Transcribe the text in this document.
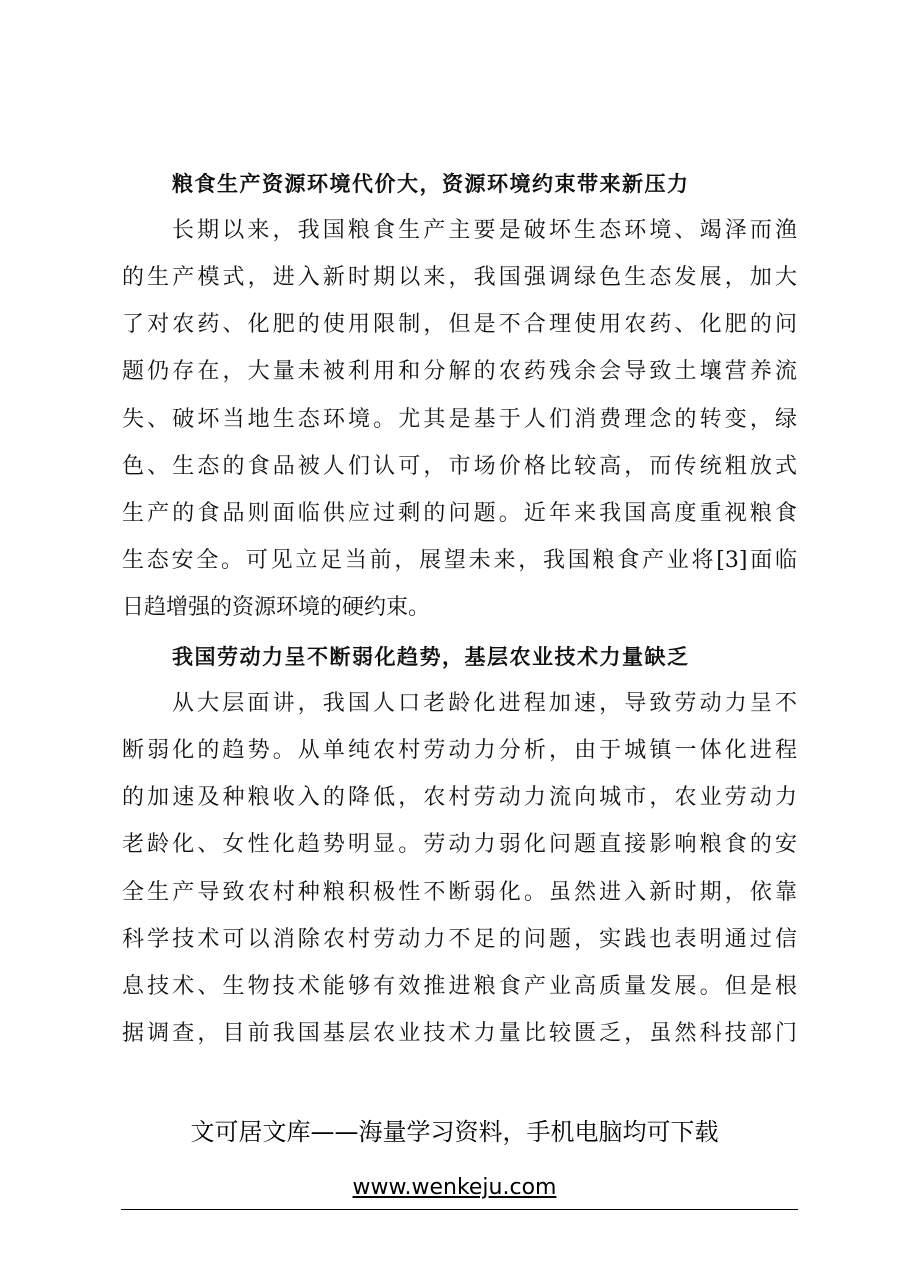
粮食生产资源环境代价大，资源环境约束带来新压力
长期以来，我国粮食生产主要是破坏生态环境、竭泽而渔
的生产模式，进入新时期以来，我国强调绿色生态发展，加大
了对农药、化肥的使用限制，但是不合理使用农药、化肥的问
题仍存在，大量未被利用和分解的农药残余会导致土壤营养流
失、破坏当地生态环境。尤其是基于人们消费理念的转变，绿
色、生态的食品被人们认可，市场价格比较高，而传统粗放式
生产的食品则面临供应过剩的问题。近年来我国高度重视粮食
生态安全。可见立足当前，展望未来，我国粮食产业将[3]面临
日趋增强的资源环境的硬约束。
我国劳动力呈不断弱化趋势，基层农业技术力量缺乏
从大层面讲，我国人口老龄化进程加速，导致劳动力呈不
断弱化的趋势。从单纯农村劳动力分析，由于城镇一体化进程
的加速及种粮收入的降低，农村劳动力流向城市，农业劳动力
老龄化、女性化趋势明显。劳动力弱化问题直接影响粮食的安
全生产导致农村种粮积极性不断弱化。虽然进入新时期，依靠
科学技术可以消除农村劳动力不足的问题，实践也表明通过信
息技术、生物技术能够有效推进粮食产业高质量发展。但是根
据调查，目前我国基层农业技术力量比较匮乏，虽然科技部门
文可居文库——海量学习资料，手机电脑均可下载
www.wenkeju.com
